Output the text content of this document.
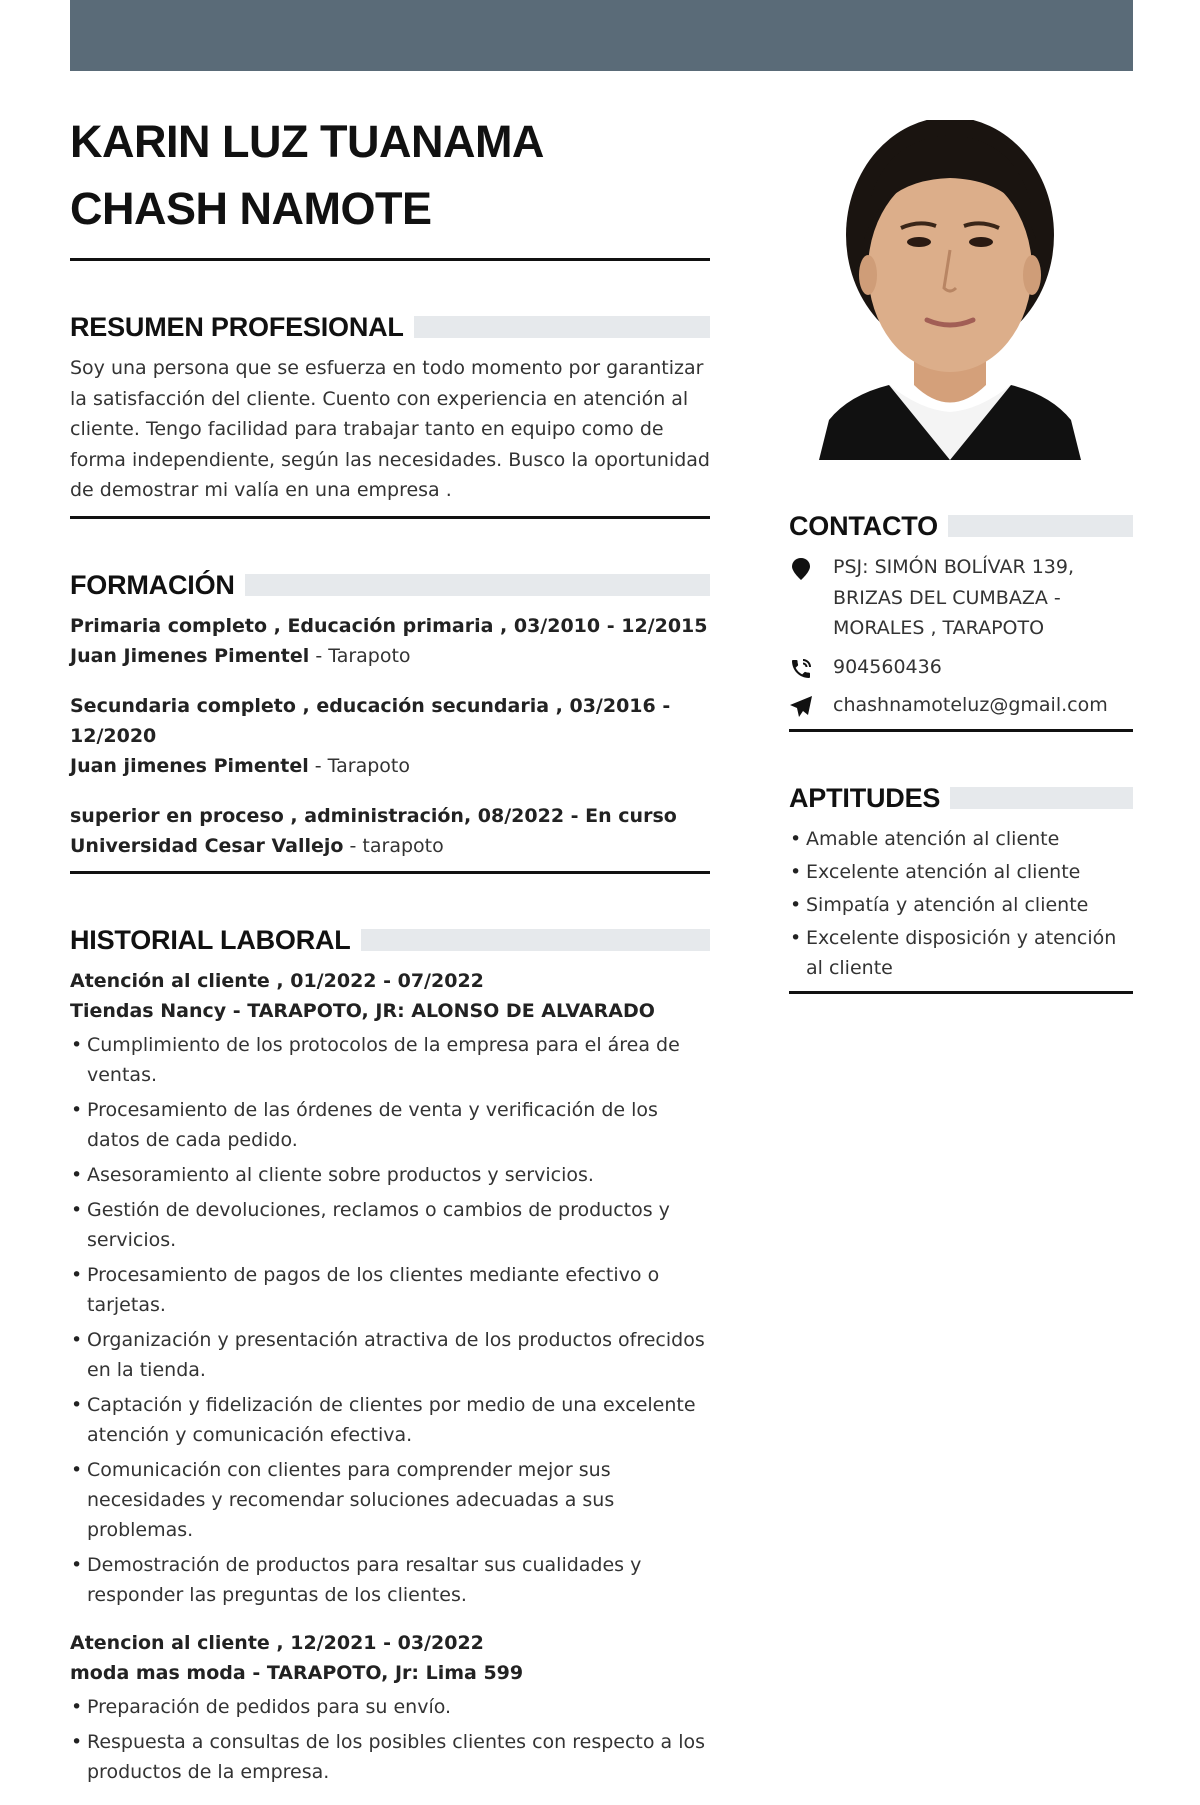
KARIN LUZ TUANAMA CHASH NAMOTE
RESUMEN PROFESIONAL

Soy una persona que se esfuerza en todo momento por garantizar la satisfacción del cliente. Cuento con experiencia en atención al cliente. Tengo facilidad para trabajar tanto en equipo como de forma independiente, según las necesidades. Busco la oportunidad de demostrar mi valía en una empresa .

FORMACIÓN
Primaria completo , Educación primaria , 03/2010 - 12/2015
Juan Jimenes Pimentel - Tarapoto
Secundaria completo , educación secundaria , 03/2016 - 12/2020
Juan jimenes Pimentel - Tarapoto
superior en proceso , administración, 08/2022 - En curso
Universidad Cesar Vallejo - tarapoto
HISTORIAL LABORAL
Atención al cliente , 01/2022 - 07/2022
Tiendas Nancy - TARAPOTO, JR: ALONSO DE ALVARADO
• Cumplimiento de los protocolos de la empresa para el área de ventas.
• Procesamiento de las órdenes de venta y verificación de los datos de cada pedido.
• Asesoramiento al cliente sobre productos y servicios.
• Gestión de devoluciones, reclamos o cambios de productos y servicios.
• Procesamiento de pagos de los clientes mediante efectivo o tarjetas.
• Organización y presentación atractiva de los productos ofrecidos en la tienda.
• Captación y fidelización de clientes por medio de una excelente atención y comunicación efectiva.
• Comunicación con clientes para comprender mejor sus necesidades y recomendar soluciones adecuadas a sus problemas.
• Demostración de productos para resaltar sus cualidades y responder las preguntas de los clientes.
Atencion al cliente , 12/2021 - 03/2022
moda mas moda - TARAPOTO, Jr: Lima 599
• Preparación de pedidos para su envío.
• Respuesta a consultas de los posibles clientes con respecto a los productos de la empresa.
CONTACTO
PSJ: SIMÓN BOLÍVAR 139, BRIZAS DEL CUMBAZA -MORALES , TARAPOTO
904560436
chashnamoteluz@gmail.com
APTITUDES
• Amable atención al cliente
• Excelente atención al cliente
• Simpatía y atención al cliente
• Excelente disposición y atención al cliente
